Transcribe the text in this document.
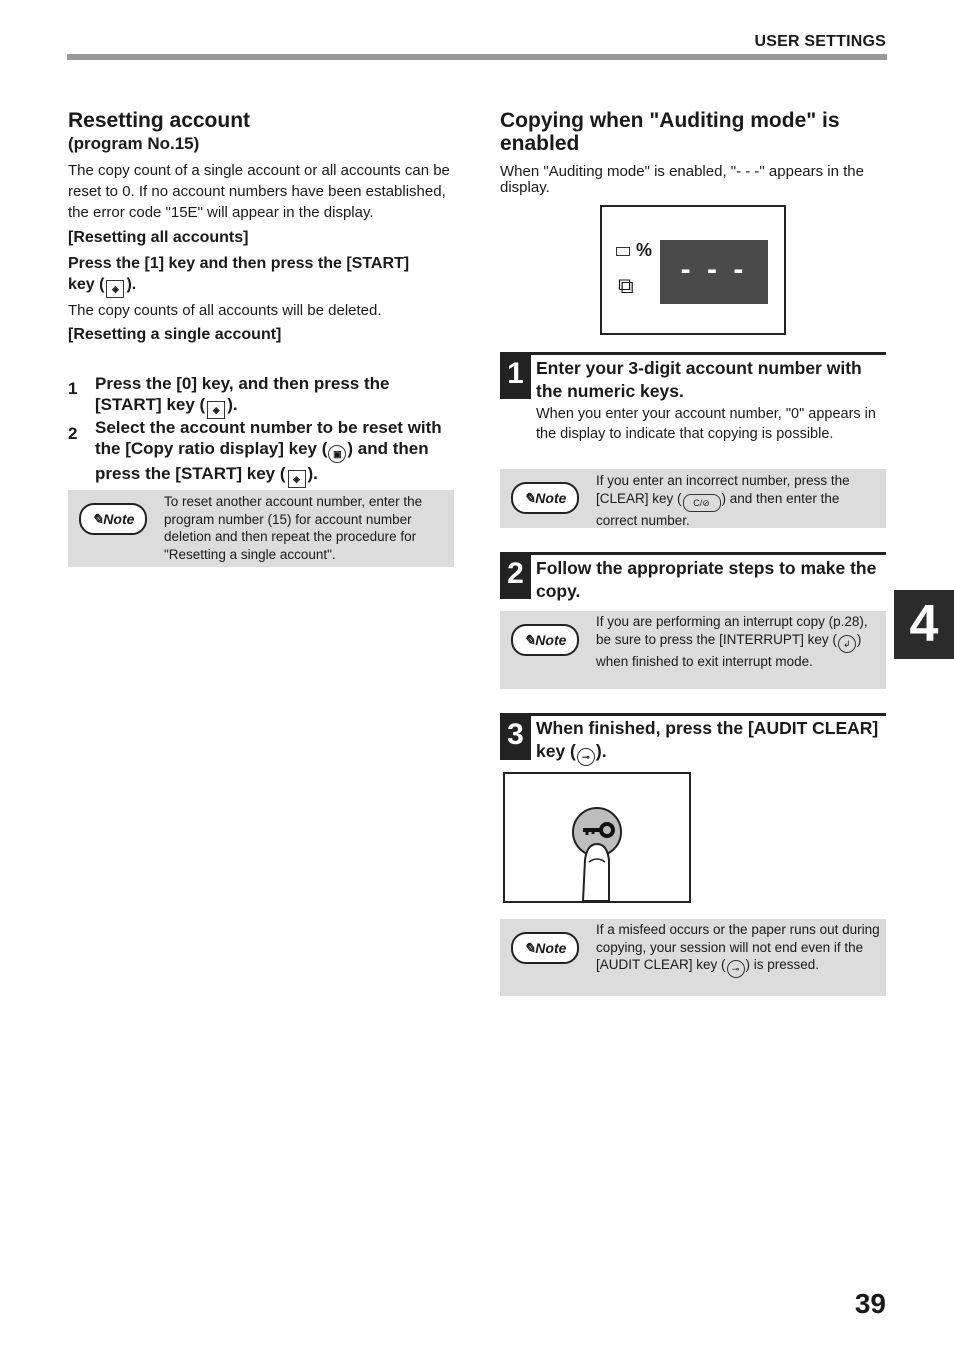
USER SETTINGS
Resetting account
(program No.15)
The copy count of a single account or all accounts can be reset to 0. If no account numbers have been established, the error code "15E" will appear in the display.
[Resetting all accounts]
Press the [1] key and then press the [START]
key ( ◈ ).
The copy counts of all accounts will be deleted.
[Resetting a single account]
1 Press the [0] key, and then press the
[START] key ( ◈ ).
2 Select the account number to be reset with
the [Copy ratio display] key ( ▣ ) and then
press the [START] key ( ◈ ).
✎Note
To reset another account number, enter the program number (15) for account number deletion and then repeat the procedure for "Resetting a single account".
Copying when "Auditing mode" is enabled
When "Auditing mode" is enabled, "- - -" appears in the display.
%
⧉	- - -
1 Enter your 3-digit account number with the numeric keys.
When you enter your account number, "0" appears in the display to indicate that copying is possible.
✎Note
If you enter an incorrect number, press the [CLEAR] key ( C/⊘ ) and then enter the correct number.
2 Follow the appropriate steps to make the copy.
✎Note
If you are performing an interrupt copy (p.28), be sure to press the [INTERRUPT] key ( ↲ ) when finished to exit interrupt mode.
3 When finished, press the [AUDIT CLEAR] key ( ⊸ ).
✎Note
If a misfeed occurs or the paper runs out during copying, your session will not end even if the [AUDIT CLEAR] key ( ⊸ ) is pressed.
4
39
